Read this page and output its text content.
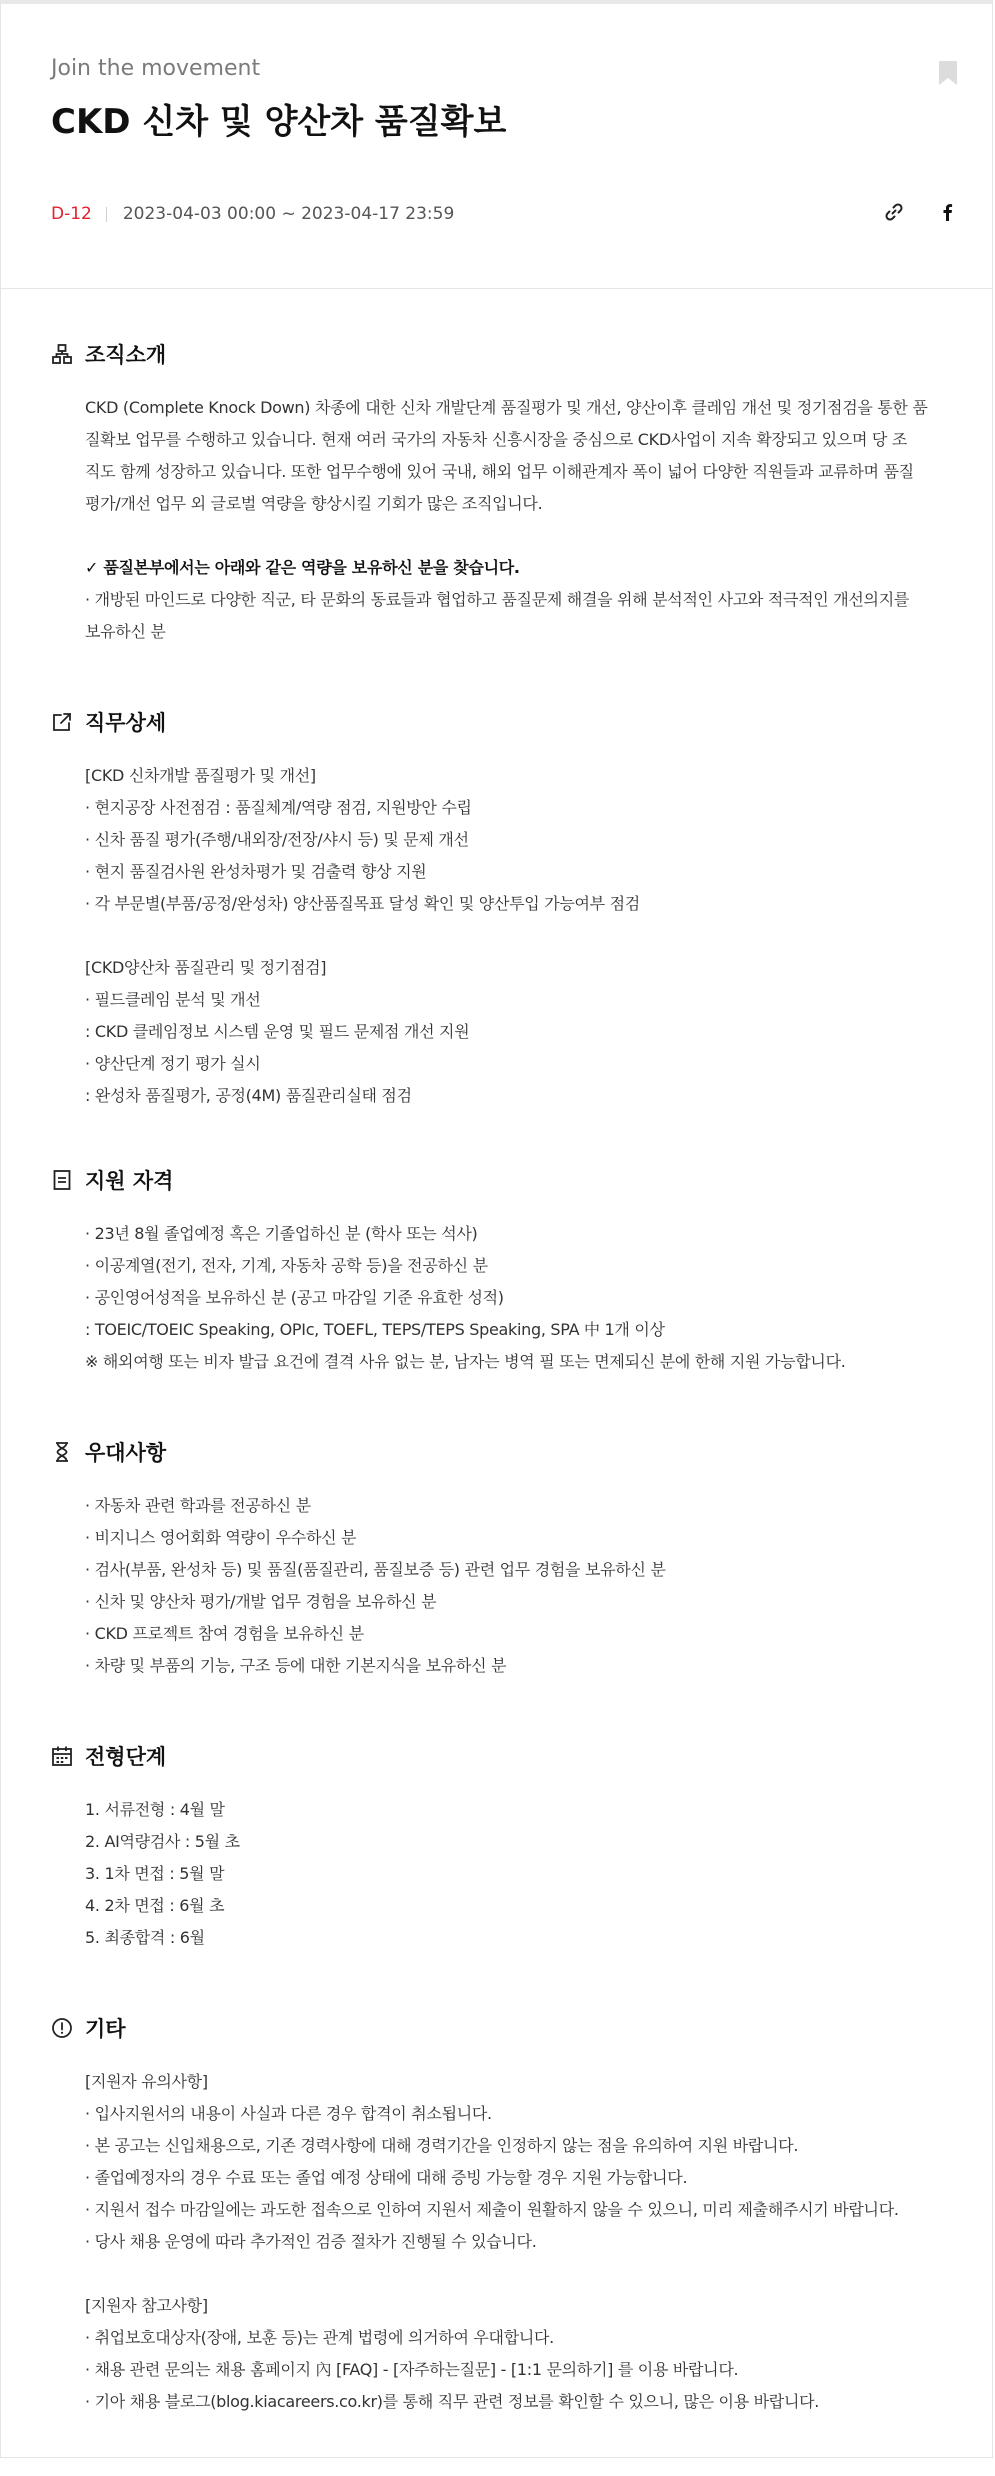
Join the movement
CKD 신차 및 양산차 품질확보
D-12 2023-04-03 00:00 ~ 2023-04-17 23:59
조직소개
CKD (Complete Knock Down) 차종에 대한 신차 개발단계 품질평가 및 개선, 양산이후 클레임 개선 및 정기점검을 통한 품
질확보 업무를 수행하고 있습니다. 현재 여러 국가의 자동차 신흥시장을 중심으로 CKD사업이 지속 확장되고 있으며 당 조
직도 함께 성장하고 있습니다. 또한 업무수행에 있어 국내, 해외 업무 이해관계자 폭이 넓어 다양한 직원들과 교류하며 품질
평가/개선 업무 외 글로벌 역량을 향상시킬 기회가 많은 조직입니다.
✓ 품질본부에서는 아래와 같은 역량을 보유하신 분을 찾습니다.
· 개방된 마인드로 다양한 직군, 타 문화의 동료들과 협업하고 품질문제 해결을 위해 분석적인 사고와 적극적인 개선의지를
보유하신 분
직무상세
[CKD 신차개발 품질평가 및 개선]
· 현지공장 사전점검 : 품질체계/역량 점검, 지원방안 수립
· 신차 품질 평가(주행/내외장/전장/샤시 등) 및 문제 개선
· 현지 품질검사원 완성차평가 및 검출력 향상 지원
· 각 부문별(부품/공정/완성차) 양산품질목표 달성 확인 및 양산투입 가능여부 점검
[CKD양산차 품질관리 및 정기점검]
· 필드클레임 분석 및 개선
: CKD 클레임정보 시스템 운영 및 필드 문제점 개선 지원
· 양산단계 정기 평가 실시
: 완성차 품질평가, 공정(4M) 품질관리실태 점검
지원 자격
· 23년 8월 졸업예정 혹은 기졸업하신 분 (학사 또는 석사)
· 이공계열(전기, 전자, 기계, 자동차 공학 등)을 전공하신 분
· 공인영어성적을 보유하신 분 (공고 마감일 기준 유효한 성적)
: TOEIC/TOEIC Speaking, OPIc, TOEFL, TEPS/TEPS Speaking, SPA 中 1개 이상
※ 해외여행 또는 비자 발급 요건에 결격 사유 없는 분, 남자는 병역 필 또는 면제되신 분에 한해 지원 가능합니다.
우대사항
· 자동차 관련 학과를 전공하신 분
· 비지니스 영어회화 역량이 우수하신 분
· 검사(부품, 완성차 등) 및 품질(품질관리, 품질보증 등) 관련 업무 경험을 보유하신 분
· 신차 및 양산차 평가/개발 업무 경험을 보유하신 분
· CKD 프로젝트 참여 경험을 보유하신 분
· 차량 및 부품의 기능, 구조 등에 대한 기본지식을 보유하신 분
전형단계
1. 서류전형 : 4월 말
2. AI역량검사 : 5월 초
3. 1차 면접 : 5월 말
4. 2차 면접 : 6월 초
5. 최종합격 : 6월
기타
[지원자 유의사항]
· 입사지원서의 내용이 사실과 다른 경우 합격이 취소됩니다.
· 본 공고는 신입채용으로, 기존 경력사항에 대해 경력기간을 인정하지 않는 점을 유의하여 지원 바랍니다.
· 졸업예정자의 경우 수료 또는 졸업 예정 상태에 대해 증빙 가능할 경우 지원 가능합니다.
· 지원서 접수 마감일에는 과도한 접속으로 인하여 지원서 제출이 원활하지 않을 수 있으니, 미리 제출해주시기 바랍니다.
· 당사 채용 운영에 따라 추가적인 검증 절차가 진행될 수 있습니다.
[지원자 참고사항]
· 취업보호대상자(장애, 보훈 등)는 관계 법령에 의거하여 우대합니다.
· 채용 관련 문의는 채용 홈페이지 內 [FAQ] - [자주하는질문] - [1:1 문의하기] 를 이용 바랍니다.
· 기아 채용 블로그(blog.kiacareers.co.kr)를 통해 직무 관련 정보를 확인할 수 있으니, 많은 이용 바랍니다.
